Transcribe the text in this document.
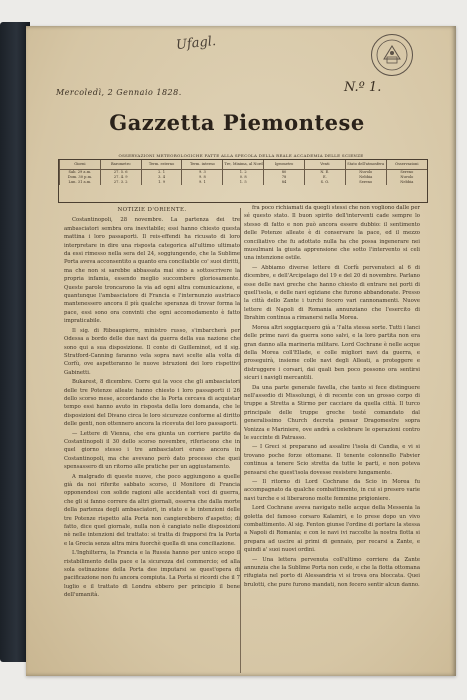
Ufagl.
Mercoledì, 2 Gennaio 1828.	N.º 1.
Gazzetta Piemontese
OSSERVAZIONI METEOROLOGICHE FATTE ALLA SPECOLA DELLA REALE ACCADEMIA DELLE SCIENZE
Giorni	Barometro	Term. esterno	Term. interno	Tre, Minima, al Nord	Igrometro	Venti	Stato dell'atmosfera	Osservazioni
Sab. 29 a.m.	27. 5. 6	2. 1	9. 3	1. 2	80	N. E.	Nuvolo	Sereno
Dom. 30 p.m.	27. 4. 9	3. 4	9. 8	0. 8	78	E.	Nebbia	Nuvolo
Lun. 31 a.m.	27. 3. 2	1. 9	9. 1	1. 5	84	S. O.	Sereno	Nebbia
NOTIZIE D'ORIENTE.

Costantinopoli, 28 novembre. La partenza dei tre ambasciatori sembra ora inevitabile; essi hanno chiesto questa mattina i loro passaporti. Il reis-effendi ha ricusato di loro interpretare in dire una risposta categorica all'ultimo ultimato da essi rimesso nella sera del 24, soggiungendo, che la Sublime Porta aveva acconsentito a quanto era conciliabile co' suoi diritti, ma che non si sarebbe abbassata mai sino a sottoscrivere la propria infamia, essendo meglio succombere gloriosamente. Queste parole troncarono la via ad ogni altra comunicazione, e quantunque l'ambasciatore di Francia e l'internunzio austriaco mantenessero ancora il più qualche speranza di trovar forma la pace, essi sono ora convinti che ogni accomodamento è fatto impraticabile.

Il sig. di Ribeaupierre, ministro russo, s'imbarcherà per Odessa a bordo delle due navi da guerra della sua nazione che sono qui a sua disposizione. Il conte di Guilleminot, ed il sig. Stratford-Canning faranno vela sopra navi scelte alla volta di Corfù, ove aspetteranno le nuove istruzioni dei loro rispettivi Gabinetti.

Bukarest, 8 dicembre. Corre qui la voce che gli ambasciatori delle tre Potenze alleate hanno chiesto i loro passaporti il 26 dello scorso mese, accordando che la Porta cercava di acquistar tempo essi hanno avuto in risposta della loro domanda, che le disposizioni del Divano circa le loro sicurezze conforme al diritto delle genti, non ottennero ancora la ricevuta dei loro passaporti.

— Lettere di Vienna, che era giunta un corriere partito da Costantinopoli il 30 dello scorso novembre, riferiscono che in quel giorno stesso i tre ambasciatori erano ancora in Costantinopoli, ma che avevano però dato processo che quei spensassero di un ritorno alle pratiche per un aggiustamento.

A malgrado di queste nuove, che poco aggiungono a quelle già da noi riferite sabbato scorso, il Monitore di Francia opponendosi con solide ragioni alle accidentali voci di guerra, che gli si fanno correre da altri giornali, osserva che dalla morte della partenza degli ambasciatori, in stato e le intenzioni delle tre Potenze rispetto alla Porta non cangierebbero d'aspetto; di fatto, dice quel giornale, nulla non è cangiato nelle disposizioni nè nelle intenzioni del trattato: si tratta di frapporsi fra la Porta e la Grecia senza altra mira fuorchè quella di una conciliazione.

L'Inghilterra, la Francia e la Russia hanno per unico scopo il ristabilimento della pace e la sicurezza del commercio; ed alla sola ostinazione della Porta dee imputarsi se quest'opera di pacificazione non fu ancora compiuta. La Porta si ricordi che il 7 luglio e il trattato di Londra ebbero per principio il bene dell'umanità.

fra poco richiamati da quegli stessi che non vogliono dalle per sé questo stato. Il buon spirito dell'interventi cade sempre lo stesso di fatto e non può ancora essere dubbio: il sentimento delle Potenze alleate è di conservare la pace, ed il mezzo conciliativo che fu adottato nulla ha che possa ingenerare nei musulmani la giusta apprensione che sotto l'intervento si celi una intenzione ostile.

— Abbiamo diverse lettere di Corfù pervenuteci al 6 di dicembre, e dell'Arcipelago del 19 e del 20 di novembre. Parlano esse delle navi greche che hanno chiesto di entrare nei porti di quell'isola, e delle navi egiziane che furono abbandonate. Presso la città dello Zante i turchi fecero vari cannonamenti. Nuove lettere di Napoli di Romania annunziano che l'esercito di Ibrahim continua a rimanersi nella Morea.

Morea altri soggiacquero già a 'l'alta stessa sorte. Tutti i lanci delle prime navi da guerra sono salvi, e la loro partita non era gran danno alla marineria militare. Lord Cochrane è nelle acque della Morea coll'Ellade, e colle migliori navi da guerra, e proseguirà, insieme colle navi degli Alleati, a proteggere e distruggere i corsari, dai quali ben poco possono ora sentirsi sicuri i navigli mercantili.

Da una parte generale favella, che tanto si fece distinguere nell'assedio di Missolungi, è di recente con un grosso corpo di truppe a Stretta a Stirmo per cacciare da quella città. Il turco principale delle truppe greche testé comandato dal generalissimo Church decreta pensar Dragomestre sopra Vonizza e Mariniere, ove andrà a celebrare le operazioni contro le succinte di Patrasso.

— I Greci si preparano ad assalire l'isola di Candia, e vi si trovano poche forze ottomane. Il tenente colonnello Fabvier continua a tenere Scio stretta da tutte le parti, e non poteva pensarsi che quest'isola dovesse resistere lungamente.

— Il ritorno di Lord Cochrane da Scio in Morea fu accompagnato da qualche combattimento, in cui si presero varie navi turche e si liberarono molte femmine prigioniere.

Lord Cochrane aveva navigato nelle acque della Messenia la goletta del famoso corsaro Kalamiri, e lo prese dopo un vivo combattimento. Al sig. Fenton giunse l'ordine di portare la stessa a Napoli di Romania; e con le navi ivi raccolte la nostra flotta si prepara ad uscire ai primi di gennaio, per recarsi a Zante, e quindi a' suoi nuovi ordini.

— Una lettera pervenuta coll'ultimo corriere da Zante annunzia che la Sublime Porta non cede, e che la flotta ottomana rifugiata nel porto di Alessandria vi si trova ora bloccata. Quei brulotti, che pure furono mandati, non fecero sentir alcun danno.
